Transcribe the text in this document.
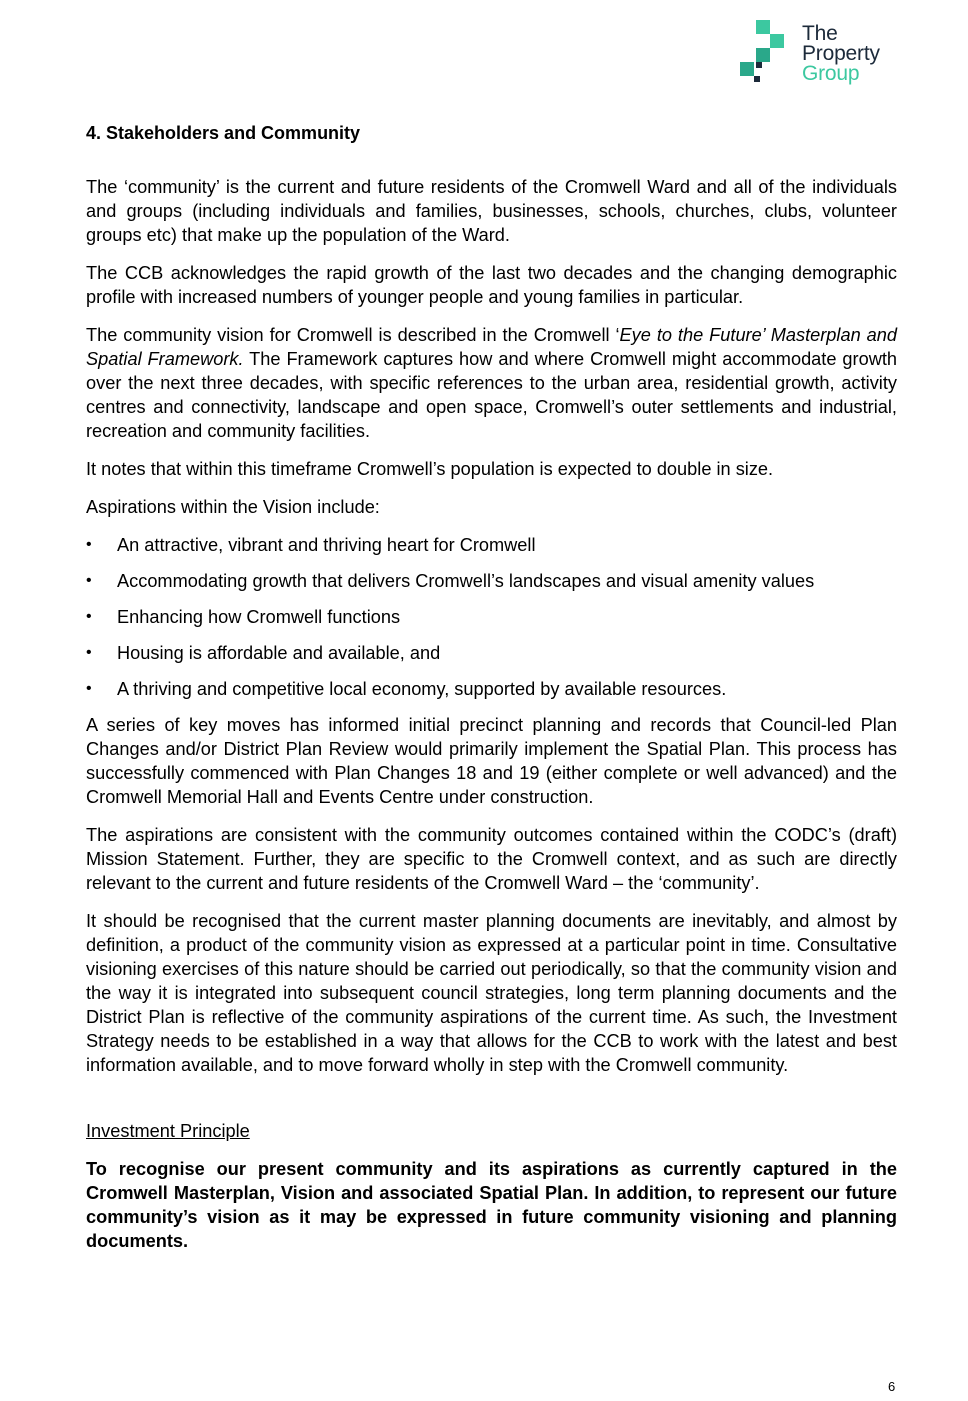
The
Property
Group
4. Stakeholders and Community

The ‘community’ is the current and future residents of the Cromwell Ward and all of the individuals and groups (including individuals and families, businesses, schools, churches, clubs, volunteer groups etc) that make up the population of the Ward.

The CCB acknowledges the rapid growth of the last two decades and the changing demographic profile with increased numbers of younger people and young families in particular.

The community vision for Cromwell is described in the Cromwell ‘Eye to the Future’ Masterplan and Spatial Framework. The Framework captures how and where Cromwell might accommodate growth over the next three decades, with specific references to the urban area, residential growth, activity centres and connectivity, landscape and open space, Cromwell’s outer settlements and industrial, recreation and community facilities.

It notes that within this timeframe Cromwell’s population is expected to double in size.

Aspirations within the Vision include:

• An attractive, vibrant and thriving heart for Cromwell
• Accommodating growth that delivers Cromwell’s landscapes and visual amenity values
• Enhancing how Cromwell functions
• Housing is affordable and available, and
• A thriving and competitive local economy, supported by available resources.

A series of key moves has informed initial precinct planning and records that Council-led Plan Changes and/or District Plan Review would primarily implement the Spatial Plan. This process has successfully commenced with Plan Changes 18 and 19 (either complete or well advanced) and the Cromwell Memorial Hall and Events Centre under construction.

The aspirations are consistent with the community outcomes contained within the CODC’s (draft) Mission Statement. Further, they are specific to the Cromwell context, and as such are directly relevant to the current and future residents of the Cromwell Ward – the ‘community’.

It should be recognised that the current master planning documents are inevitably, and almost by definition, a product of the community vision as expressed at a particular point in time. Consultative visioning exercises of this nature should be carried out periodically, so that the community vision and the way it is integrated into subsequent council strategies, long term planning documents and the District Plan is reflective of the community aspirations of the current time. As such, the Investment Strategy needs to be established in a way that allows for the CCB to work with the latest and best information available, and to move forward wholly in step with the Cromwell community.

Investment Principle
To recognise our present community and its aspirations as currently captured in the Cromwell Masterplan, Vision and associated Spatial Plan. In addition, to represent our future community’s vision as it may be expressed in future community visioning and planning documents.
6
